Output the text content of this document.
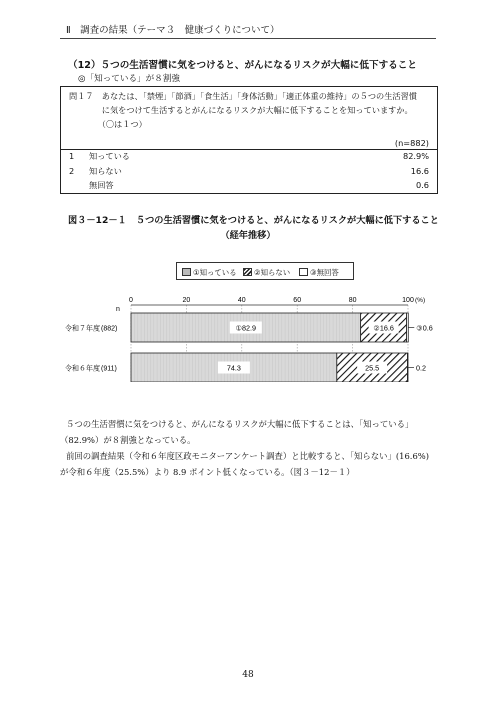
Ⅱ　調査の結果（テーマ３　健康づくりについて）
（12）５つの生活習慣に気をつけると、がんになるリスクが大幅に低下すること
◎「知っている」が８割強
問１７　あなたは、「禁煙」「節酒」「食生活」「身体活動」「適正体重の維持」の５つの生活習慣
　　　　に気をつけて生活するとがんになるリスクが大幅に低下することを知っていますか。
　　　　（〇は１つ）
(n=882)
1 知っている	82.9%
2 知らない	16.6
無回答	0.6
図３－12－１　５つの生活習慣に気をつけると、がんになるリスクが大幅に低下すること
（経年推移）
①知っている	②知らない	③無回答
0	20	40	60	80	100 (%)
n
令和７年度 (882)	①82.9	②16.6	③0.6
令和６年度 (911)	74.3	25.5	0.2
５つの生活習慣に気をつけると、がんになるリスクが大幅に低下することは、「知っている」
（82.9%）が８割強となっている。
前回の調査結果（令和６年度区政モニターアンケート調査）と比較すると、「知らない」(16.6%)
が令和６年度（25.5%）より 8.9 ポイント低くなっている。（図３－12－１）
48
